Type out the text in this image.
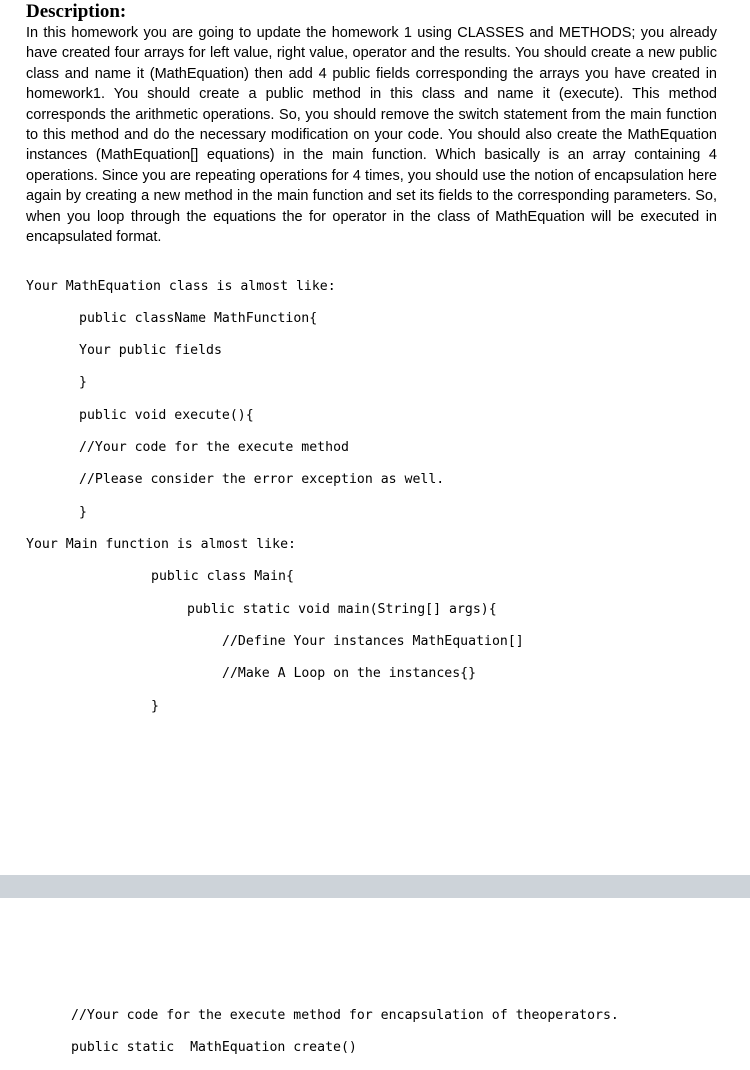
Description:

In this homework you are going to update the homework 1 using CLASSES and METHODS; you already have created four arrays for left value, right value, operator and the results. You should create a new public class and name it (MathEquation) then add 4 public fields corresponding the arrays you have created in homework1. You should create a public method in this class and name it (execute). This method corresponds the arithmetic operations. So, you should remove the switch statement from the main function to this method and do the necessary modification on your code. You should also create the MathEquation instances (MathEquation[] equations) in the main function. Which basically is an array containing 4 operations. Since you are repeating operations for 4 times, you should use the notion of encapsulation here again by creating a new method in the main function and set its fields to the corresponding parameters. So, when you loop through the equations the for operator in the class of MathEquation will be executed in encapsulated format.

Your MathEquation class is almost like:
public className MathFunction{
Your public fields
}
public void execute(){
//Your code for the execute method
//Please consider the error exception as well.
}
Your Main function is almost like:
public class Main{
public static void main(String[] args){
//Define Your instances MathEquation[]
//Make A Loop on the instances{}
}
//Your code for the execute method for encapsulation of theoperators.
public static  MathEquation create()
